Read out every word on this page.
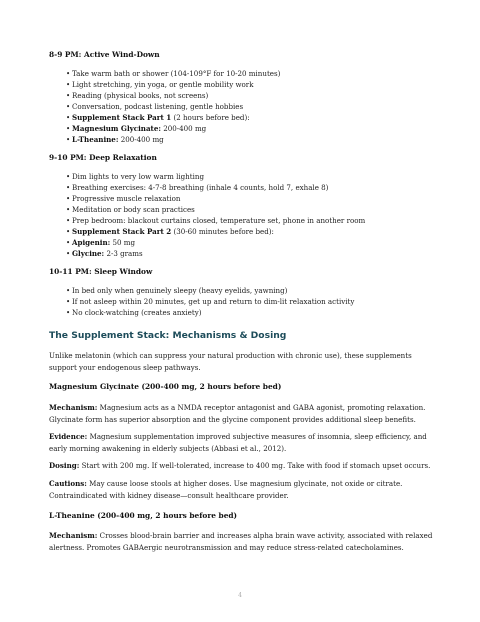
8-9 PM: Active Wind-Down
• Take warm bath or shower (104-109°F for 10-20 minutes)
• Light stretching, yin yoga, or gentle mobility work
• Reading (physical books, not screens)
• Conversation, podcast listening, gentle hobbies
• Supplement Stack Part 1 (2 hours before bed):
• Magnesium Glycinate: 200-400 mg
• L-Theanine: 200-400 mg
9-10 PM: Deep Relaxation
• Dim lights to very low warm lighting
• Breathing exercises: 4-7-8 breathing (inhale 4 counts, hold 7, exhale 8)
• Progressive muscle relaxation
• Meditation or body scan practices
• Prep bedroom: blackout curtains closed, temperature set, phone in another room
• Supplement Stack Part 2 (30-60 minutes before bed):
• Apigenin: 50 mg
• Glycine: 2-3 grams
10-11 PM: Sleep Window
• In bed only when genuinely sleepy (heavy eyelids, yawning)
• If not asleep within 20 minutes, get up and return to dim-lit relaxation activity
• No clock-watching (creates anxiety)
The Supplement Stack: Mechanisms & Dosing
Unlike melatonin (which can suppress your natural production with chronic use), these supplements support your endogenous sleep pathways.
Magnesium Glycinate (200-400 mg, 2 hours before bed)
Mechanism: Magnesium acts as a NMDA receptor antagonist and GABA agonist, promoting relaxation. Glycinate form has superior absorption and the glycine component provides additional sleep benefits.
Evidence: Magnesium supplementation improved subjective measures of insomnia, sleep efficiency, and early morning awakening in elderly subjects (Abbasi et al., 2012).
Dosing: Start with 200 mg. If well-tolerated, increase to 400 mg. Take with food if stomach upset occurs.
Cautions: May cause loose stools at higher doses. Use magnesium glycinate, not oxide or citrate. Contraindicated with kidney disease—consult healthcare provider.
L-Theanine (200-400 mg, 2 hours before bed)
Mechanism: Crosses blood-brain barrier and increases alpha brain wave activity, associated with relaxed alertness. Promotes GABAergic neurotransmission and may reduce stress-related catecholamines.
4
